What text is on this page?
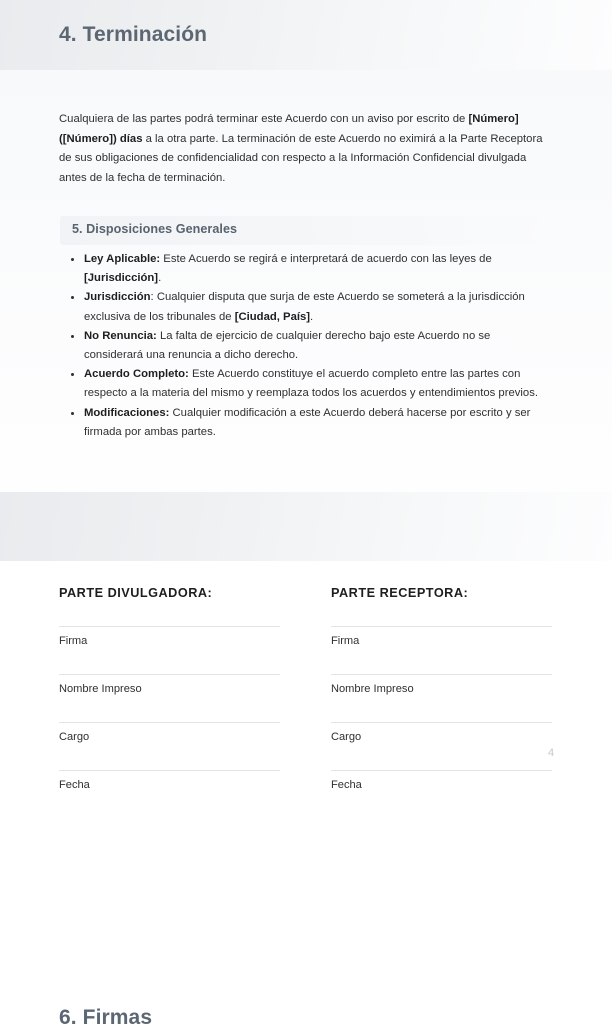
4. Terminación

Cualquiera de las partes podrá terminar este Acuerdo con un aviso por escrito de [Número] ([Número]) días a la otra parte. La terminación de este Acuerdo no eximirá a la Parte Receptora de sus obligaciones de confidencialidad con respecto a la Información Confidencial divulgada antes de la fecha de terminación.

5. Disposiciones Generales
Ley Aplicable: Este Acuerdo se regirá e interpretará de acuerdo con las leyes de [Jurisdicción].
Jurisdicción: Cualquier disputa que surja de este Acuerdo se someterá a la jurisdicción exclusiva de los tribunales de [Ciudad, País].
No Renuncia: La falta de ejercicio de cualquier derecho bajo este Acuerdo no se considerará una renuncia a dicho derecho.
Acuerdo Completo: Este Acuerdo constituye el acuerdo completo entre las partes con respecto a la materia del mismo y reemplaza todos los acuerdos y entendimientos previos.
Modificaciones: Cualquier modificación a este Acuerdo deberá hacerse por escrito y ser firmada por ambas partes.
6. Firmas
PARTE DIVULGADORA:
Firma
Nombre Impreso
Cargo
Fecha
PARTE RECEPTORA:
Firma
Nombre Impreso
Cargo
Fecha
4
